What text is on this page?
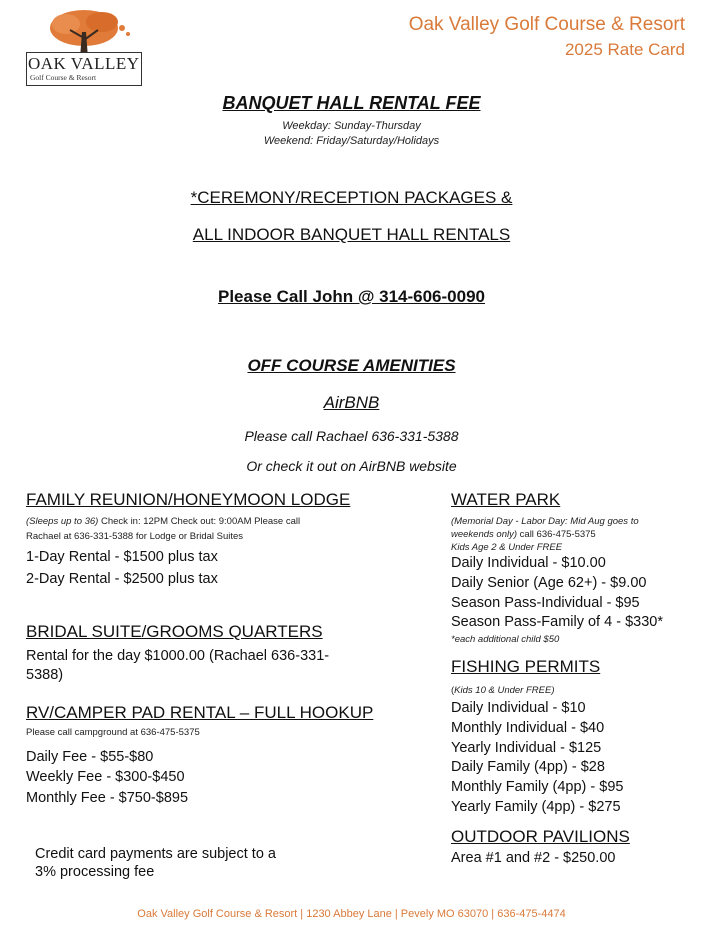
OAK VALLEY
Golf Course & Resort
Oak Valley Golf Course & Resort
2025 Rate Card
BANQUET HALL RENTAL FEE
Weekday: Sunday-Thursday
Weekend: Friday/Saturday/Holidays
*CEREMONY/RECEPTION PACKAGES &
ALL INDOOR BANQUET HALL RENTALS
Please Call John @ 314-606-0090
OFF COURSE AMENITIES
AirBNB
Please call Rachael 636-331-5388
Or check it out on AirBNB website
FAMILY REUNION/HONEYMOON LODGE
(Sleeps up to 36) Check in: 12PM Check out: 9:00AM Please call
Rachael at 636-331-5388 for Lodge or Bridal Suites
1-Day Rental - $1500 plus tax
2-Day Rental - $2500 plus tax
BRIDAL SUITE/GROOMS QUARTERS
Rental for the day $1000.00 (Rachael 636-331-
5388)
RV/CAMPER PAD RENTAL – FULL HOOKUP
Please call campground at 636-475-5375
Daily Fee - $55-$80
Weekly Fee - $300-$450
Monthly Fee - $750-$895
Credit card payments are subject to a
3% processing fee
WATER PARK
(Memorial Day - Labor Day: Mid Aug goes to
weekends only) call 636-475-5375
Kids Age 2 & Under FREE
Daily Individual - $10.00
Daily Senior (Age 62+) - $9.00
Season Pass-Individual - $95
Season Pass-Family of 4 - $330*
*each additional child $50
FISHING PERMITS
(Kids 10 & Under FREE)
Daily Individual - $10
Monthly Individual - $40
Yearly Individual - $125
Daily Family (4pp) - $28
Monthly Family (4pp) - $95
Yearly Family (4pp) - $275
OUTDOOR PAVILIONS
Area #1 and #2 - $250.00
Oak Valley Golf Course & Resort | 1230 Abbey Lane | Pevely MO 63070 | 636-475-4474
